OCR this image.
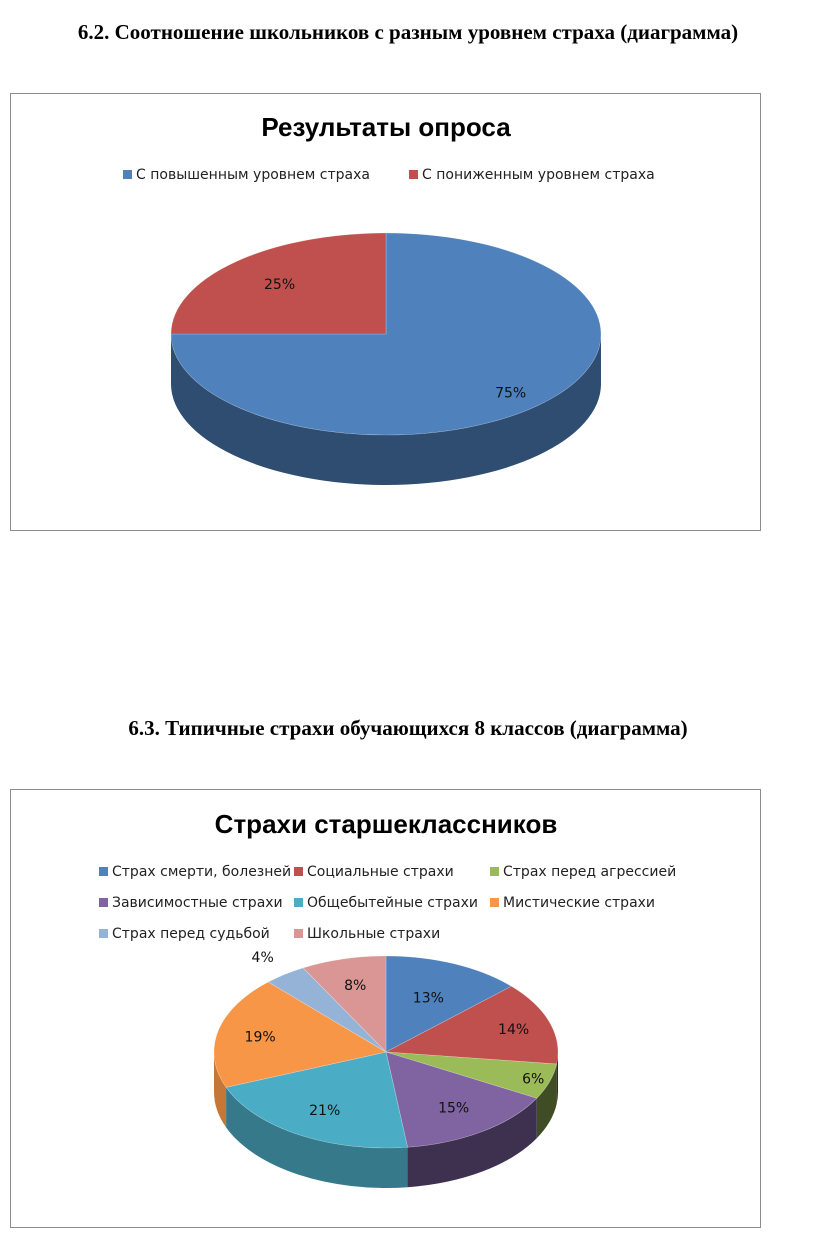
6.2. Соотношение школьников с разным уровнем страха (диаграмма)
Результаты опроса
С повышенным уровнем страха	С пониженным уровнем страха
75%
25%
6.3. Типичные страхи обучающихся 8 классов (диаграмма)
Страхи старшеклассников
Страх смерти, болезней Социальные страхи	Страх перед агрессией
Зависимостные страхи Общебытейные страхи Мистические страхи
Страх перед судьбой	Школьные страхи
13%
14%
6%
15%
21%
19%
4%
8%
